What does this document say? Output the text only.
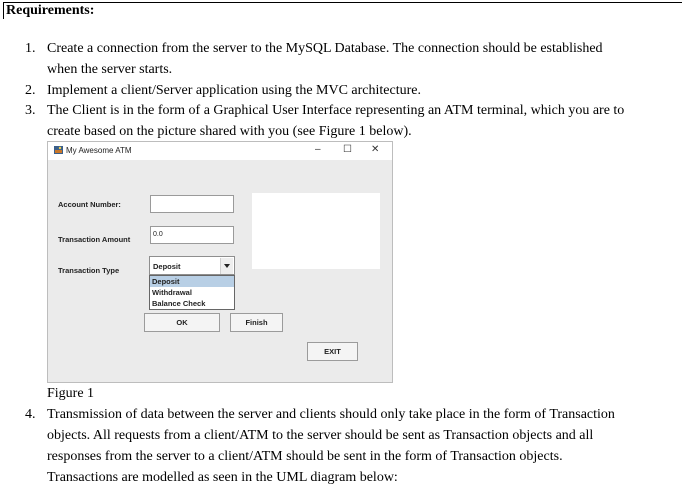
Requirements:
1. Create a connection from the server to the MySQL Database. The connection should be established
when the server starts.
2. Implement a client/Server application using the MVC architecture.
3. The Client is in the form of a Graphical User Interface representing an ATM terminal, which you are to
create based on the picture shared with you (see Figure 1 below).
My Awesome ATM	– ☐ ✕
Account Number:
Transaction Amount
0.0
Transaction Type	Deposit
Deposit
Withdrawal
Balance Check
OK	Finish
EXIT
Figure 1
4. Transmission of data between the server and clients should only take place in the form of Transaction
objects. All requests from a client/ATM to the server should be sent as Transaction objects and all
responses from the server to a client/ATM should be sent in the form of Transaction objects.
Transactions are modelled as seen in the UML diagram below:
